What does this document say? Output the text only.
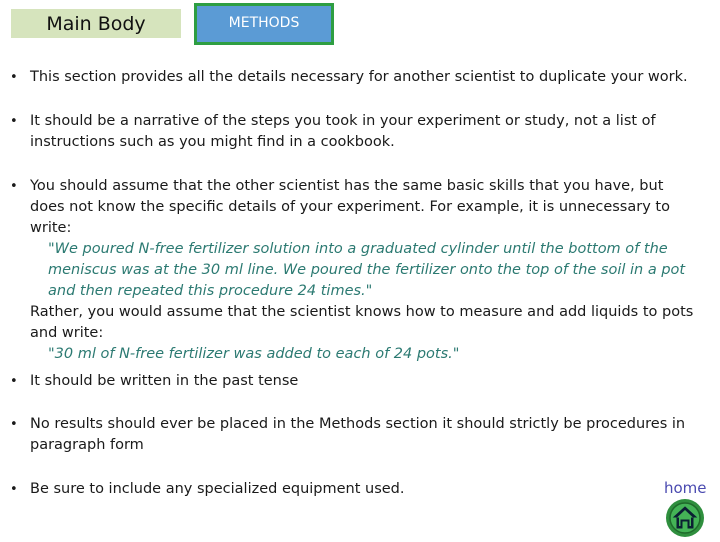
Main Body	METHODS
• This section provides all the details necessary for another scientist to duplicate your work.
• It should be a narrative of the steps you took in your experiment or study, not a list of instructions such as you might find in a cookbook.
• You should assume that the other scientist has the same basic skills that you have, but does not know the specific details of your experiment. For example, it is unnecessary to write:
"We poured N-free fertilizer solution into a graduated cylinder until the bottom of the meniscus was at the 30 ml line. We poured the fertilizer onto the top of the soil in a pot and then repeated this procedure 24 times."
Rather, you would assume that the scientist knows how to measure and add liquids to pots and write:
"30 ml of N-free fertilizer was added to each of 24 pots."
• It should be written in the past tense
• No results should ever be placed in the Methods section it should strictly be procedures in paragraph form
• Be sure to include any specialized equipment used.	home
